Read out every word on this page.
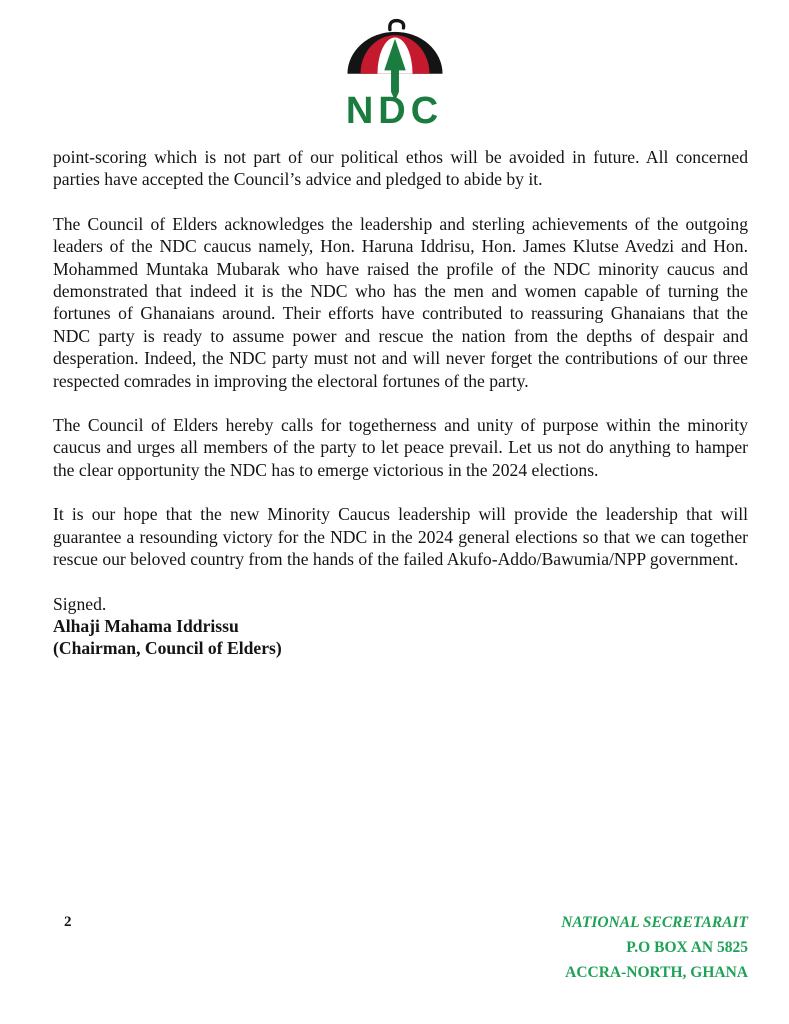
NDC

point-scoring which is not part of our political ethos will be avoided in future. All concerned parties have accepted the Council’s advice and pledged to abide by it.

The Council of Elders acknowledges the leadership and sterling achievements of the outgoing leaders of the NDC caucus namely, Hon. Haruna Iddrisu, Hon. James Klutse Avedzi and Hon. Mohammed Muntaka Mubarak who have raised the profile of the NDC minority caucus and demonstrated that indeed it is the NDC who has the men and women capable of turning the fortunes of Ghanaians around. Their efforts have contributed to reassuring Ghanaians that the NDC party is ready to assume power and rescue the nation from the depths of despair and desperation. Indeed, the NDC party must not and will never forget the contributions of our three respected comrades in improving the electoral fortunes of the party.

The Council of Elders hereby calls for togetherness and unity of purpose within the minority caucus and urges all members of the party to let peace prevail. Let us not do anything to hamper the clear opportunity the NDC has to emerge victorious in the 2024 elections.

It is our hope that the new Minority Caucus leadership will provide the leadership that will guarantee a resounding victory for the NDC in the 2024 general elections so that we can together rescue our beloved country from the hands of the failed Akufo-Addo/Bawumia/NPP government.

Signed.

Alhaji Mahama Iddrissu

(Chairman, Council of Elders)

2	NATIONAL SECRETARAIT
P.O BOX AN 5825
ACCRA-NORTH, GHANA
